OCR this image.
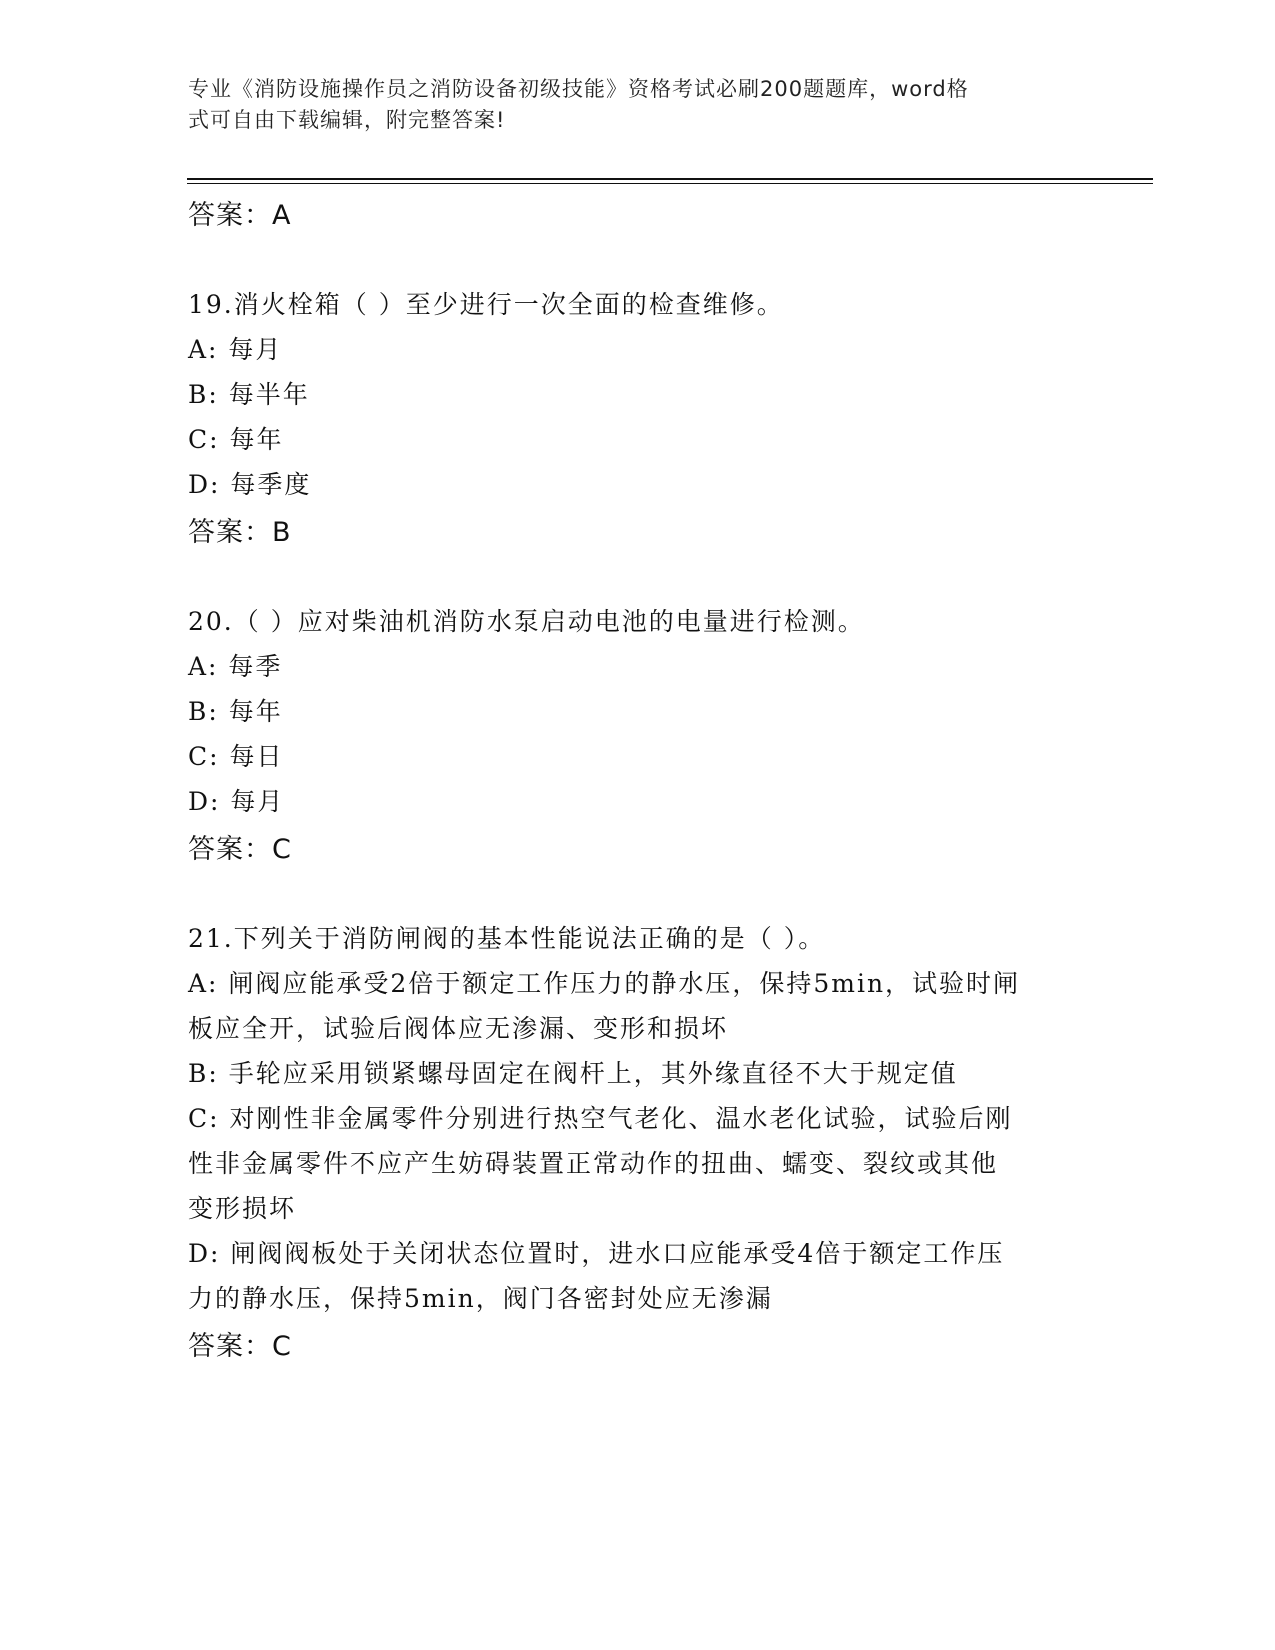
专业《消防设施操作员之消防设备初级技能》资格考试必刷200题题库，word格
式可自由下载编辑，附完整答案!
答案：A
19.消火栓箱（ ）至少进行一次全面的检查维修。
A: 每月
B: 每半年
C: 每年
D: 每季度
答案：B
20.（ ）应对柴油机消防水泵启动电池的电量进行检测。
A: 每季
B: 每年
C: 每日
D: 每月
答案：C
21.下列关于消防闸阀的基本性能说法正确的是（ ）。
A: 闸阀应能承受2倍于额定工作压力的静水压，保持5min，试验时闸
板应全开，试验后阀体应无渗漏、变形和损坏
B: 手轮应采用锁紧螺母固定在阀杆上，其外缘直径不大于规定值
C: 对刚性非金属零件分别进行热空气老化、温水老化试验，试验后刚
性非金属零件不应产生妨碍装置正常动作的扭曲、蠕变、裂纹或其他
变形损坏
D: 闸阀阀板处于关闭状态位置时，进水口应能承受4倍于额定工作压
力的静水压，保持5min，阀门各密封处应无渗漏
答案：C
